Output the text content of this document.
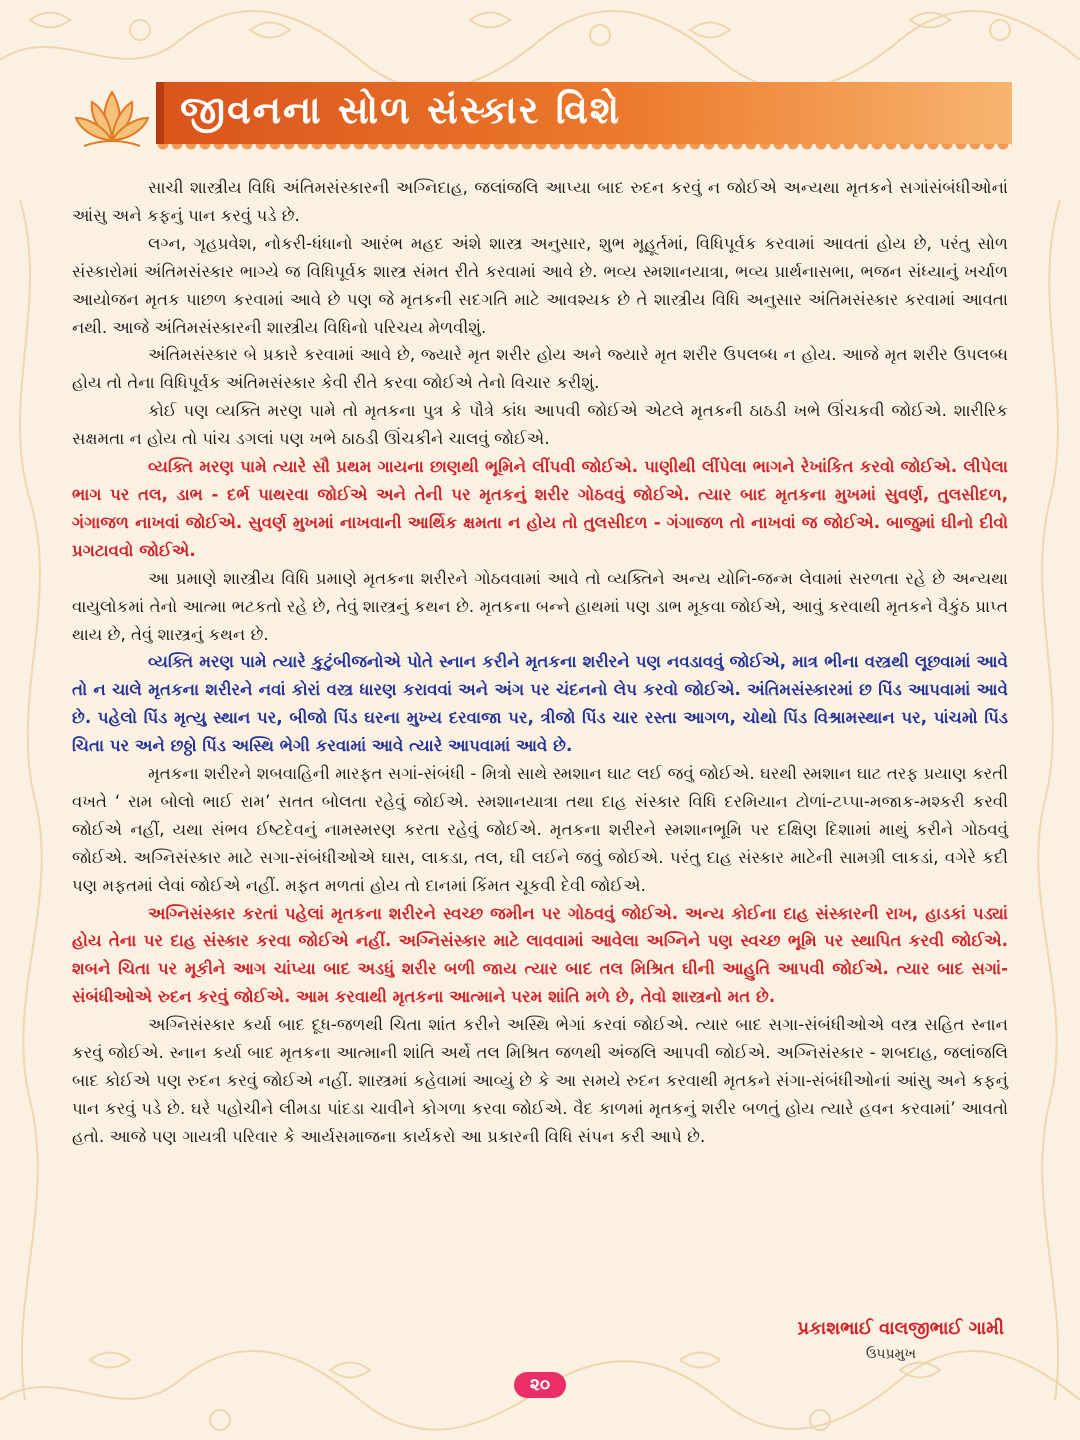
જીવનના સોળ સંસ્કાર વિશે

સાચી શાસ્ત્રીય વિધિ અંતિમસંસ્કારની અગ્નિદાહ, જલાંજલિ આપ્યા બાદ રુદન કરવું ન જોઈએ અન્યથા મૃતકને સગાંસંબંધીઓનાં આંસુ અને કફનું પાન કરવું પડે છે.

લગ્ન, ગૃહપ્રવેશ, નોકરી-ધંધાનો આરંભ મહદ અંશે શાસ્ત્ર અનુસાર, શુભ મૂહૂર્તમાં, વિધિપૂર્વક કરવામાં આવતાં હોય છે, પરંતુ સોળ સંસ્કારોમાં અંતિમસંસ્કાર ભાગ્યે જ વિધિપૂર્વક શાસ્ત્ર સંમત રીતે કરવામાં આવે છે. ભવ્ય સ્મશાનયાત્રા, ભવ્ય પ્રાર્થનાસભા, ભજન સંધ્યાનું ખર્ચાળ આયોજન મૃતક પાછળ કરવામાં આવે છે પણ જે મૃતકની સદગતિ માટે આવશ્યક છે તે શાસ્ત્રીય વિધિ અનુસાર અંતિમસંસ્કાર કરવામાં આવતા નથી. આજે અંતિમસંસ્કારની શાસ્ત્રીય વિધિનો પરિચય મેળવીશું.

અંતિમસંસ્કાર બે પ્રકારે કરવામાં આવે છે, જ્યારે મૃત શરીર હોય અને જ્યારે મૃત શરીર ઉપલબ્ધ ન હોય. આજે મૃત શરીર ઉપલબ્ધ હોય તો તેના વિધિપૂર્વક અંતિમસંસ્કાર કેવી રીતે કરવા જોઈએ તેનો વિચાર કરીશું.

કોઈ પણ વ્યક્તિ મરણ પામે તો મૃતકના પુત્ર કે પૌત્રે કાંધ આપવી જોઈએ એટલે મૃતકની ઠાઠડી ખભે ઊંચકવી જોઈએ. શારીરિક સક્ષમતા ન હોય તો પાંચ ડગલાં પણ ખભે ઠાઠડી ઊંચકીને ચાલવું જોઈએ.

વ્યક્તિ મરણ પામે ત્યારે સૌ પ્રથમ ગાયના છાણથી ભૂમિને લીંપવી જોઈએ. પાણીથી લીંપેલા ભાગને રેખાંકિત કરવો જોઈએ. લીપેલા ભાગ પર તલ, ડાભ - દર્ભ પાથરવા જોઈએ અને તેની પર મૃતકનું શરીર ગોઠવવું જોઈએ. ત્યાર બાદ મૃતકના મુખમાં સુવર્ણ, તુલસીદળ, ગંગાજળ નાખવાં જોઈએ. સુવર્ણ મુખમાં નાખવાની આર્થિક ક્ષમતા ન હોય તો તુલસીદળ - ગંગાજળ તો નાખવાં જ જોઈએ. બાજુમાં ઘીનો દીવો પ્રગટાવવો જોઈએ.

આ પ્રમાણે શાસ્ત્રીય વિધિ પ્રમાણે મૃતકના શરીરને ગોઠવવામાં આવે તો વ્યક્તિને અન્ય યોનિ-જન્મ લેવામાં સરળતા રહે છે અન્યથા વાયુલોકમાં તેનો આત્મા ભટકતો રહે છે, તેવું શાસ્ત્રનું કથન છે. મૃતકના બન્ને હાથમાં પણ ડાભ મૂકવા જોઈએ, આવું કરવાથી મૃતકને વૈકુંઠ પ્રાપ્ત થાય છે, તેવું શાસ્ત્રનું કથન છે.

વ્યક્તિ મરણ પામે ત્યારે કુટુંબીજનોએ પોતે સ્નાન કરીને મૃતકના શરીરને પણ નવડાવવું જોઈએ, માત્ર ભીના વસ્ત્રથી લૂછવામાં આવે તો ન ચાલે મૃતકના શરીરને નવાં કોરાં વસ્ત્ર ધારણ કરાવવાં અને અંગ પર ચંદનનો લેપ કરવો જોઈએ. અંતિમસંસ્કારમાં છ પિંડ આપવામાં આવે છે. પહેલો પિંડ મૃત્યુ સ્થાન પર, બીજો પિંડ ઘરના મુખ્ય દરવાજા પર, ત્રીજો પિંડ ચાર રસ્તા આગળ, ચોથો પિંડ વિશ્રામસ્થાન પર, પાંચમો પિંડ ચિતા પર અને છઠ્ઠો પિંડ અસ્થિ ભેગી કરવામાં આવે ત્યારે આપવામાં આવે છે.

મૃતકના શરીરને શબવાહિની મારફત સગાં-સંબંધી - મિત્રો સાથે સ્મશાન ઘાટ લઈ જવું જોઈએ. ઘરથી સ્મશાન ઘાટ તરફ પ્રયાણ કરતી વખતે ‘ રામ બોલો ભાઈ રામ’ સતત બોલતા રહેવું જોઈએ. સ્મશાનયાત્રા તથા દાહ સંસ્કાર વિધિ દરમિયાન ટોળાં-ટપ્પા-મજાક-મશ્કરી કરવી જોઈએ નહીં, યથા સંભવ ઈષ્ટદેવનું નામસ્મરણ કરતા રહેવું જોઈએ. મૃતકના શરીરને સ્મશાનભૂમિ પર દક્ષિણ દિશામાં માથું કરીને ગોઠવવું જોઈએ. અગ્નિસંસ્કાર માટે સગા-સંબંધીઓએ ઘાસ, લાકડા, તલ, ઘી લઈને જવું જોઈએ. પરંતુ દાહ સંસ્કાર માટેની સામગ્રી લાકડાં, વગેરે કદી પણ મફતમાં લેવાં જોઈએ નહીં. મફત મળતાં હોય તો દાનમાં કિંમત ચૂકવી દેવી જોઈએ.

અગ્નિસંસ્કાર કરતાં પહેલાં મૃતકના શરીરને સ્વચ્છ જમીન પર ગોઠવવું જોઈએ. અન્ય કોઈના દાહ સંસ્કારની રાખ, હાડકાં પડ્યાં હોય તેના પર દાહ સંસ્કાર કરવા જોઈએ નહીં. અગ્નિસંસ્કાર માટે લાવવામાં આવેલા અગ્નિને પણ સ્વચ્છ ભૂમિ પર સ્થાપિત કરવી જોઈએ. શબને ચિતા પર મૂકીને આગ ચાંપ્યા બાદ અડધું શરીર બળી જાય ત્યાર બાદ તલ મિશ્રિત ઘીની આહુતિ આપવી જોઈએ. ત્યાર બાદ સગાં-સંબંધીઓએ રુદન કરવું જોઈએ. આમ કરવાથી મૃતકના આત્માને પરમ શાંતિ મળે છે, તેવો શાસ્ત્રનો મત છે.

અગ્નિસંસ્કાર કર્યા બાદ દૂધ-જળથી ચિતા શાંત કરીને અસ્થિ ભેગાં કરવાં જોઈએ. ત્યાર બાદ સગા-સંબંધીઓએ વસ્ત્ર સહિત સ્નાન કરવું જોઈએ. સ્નાન કર્યા બાદ મૃતકના આત્માની શાંતિ અર્થે તલ મિશ્રિત જળથી અંજલિ આપવી જોઈએ. અગ્નિસંસ્કાર - શબદાહ, જલાંજલિ બાદ કોઈએ પણ રુદન કરવું જોઈએ નહીં. શાસ્ત્રમાં કહેવામાં આવ્યું છે કે આ સમયે રુદન કરવાથી મૃતકને સંગા-સંબંધીઓનાં આંસુ અને કફનું પાન કરવું પડે છે. ઘરે પહોચીને લીમડા પાંદડા ચાવીને કોગળા કરવા જોઈએ. વૈદ કાળમાં મૃતકનું શરીર બળતું હોય ત્યારે હવન કરવામાં’ આવતો હતો. આજે પણ ગાયત્રી પરિવાર કે આર્યસમાજના કાર્યકરો આ પ્રકારની વિધિ સંપન કરી આપે છે.

પ્રકાશભાઈ વાલજીભાઈ ગામી
ઉપપ્રમુખ
૨૦
